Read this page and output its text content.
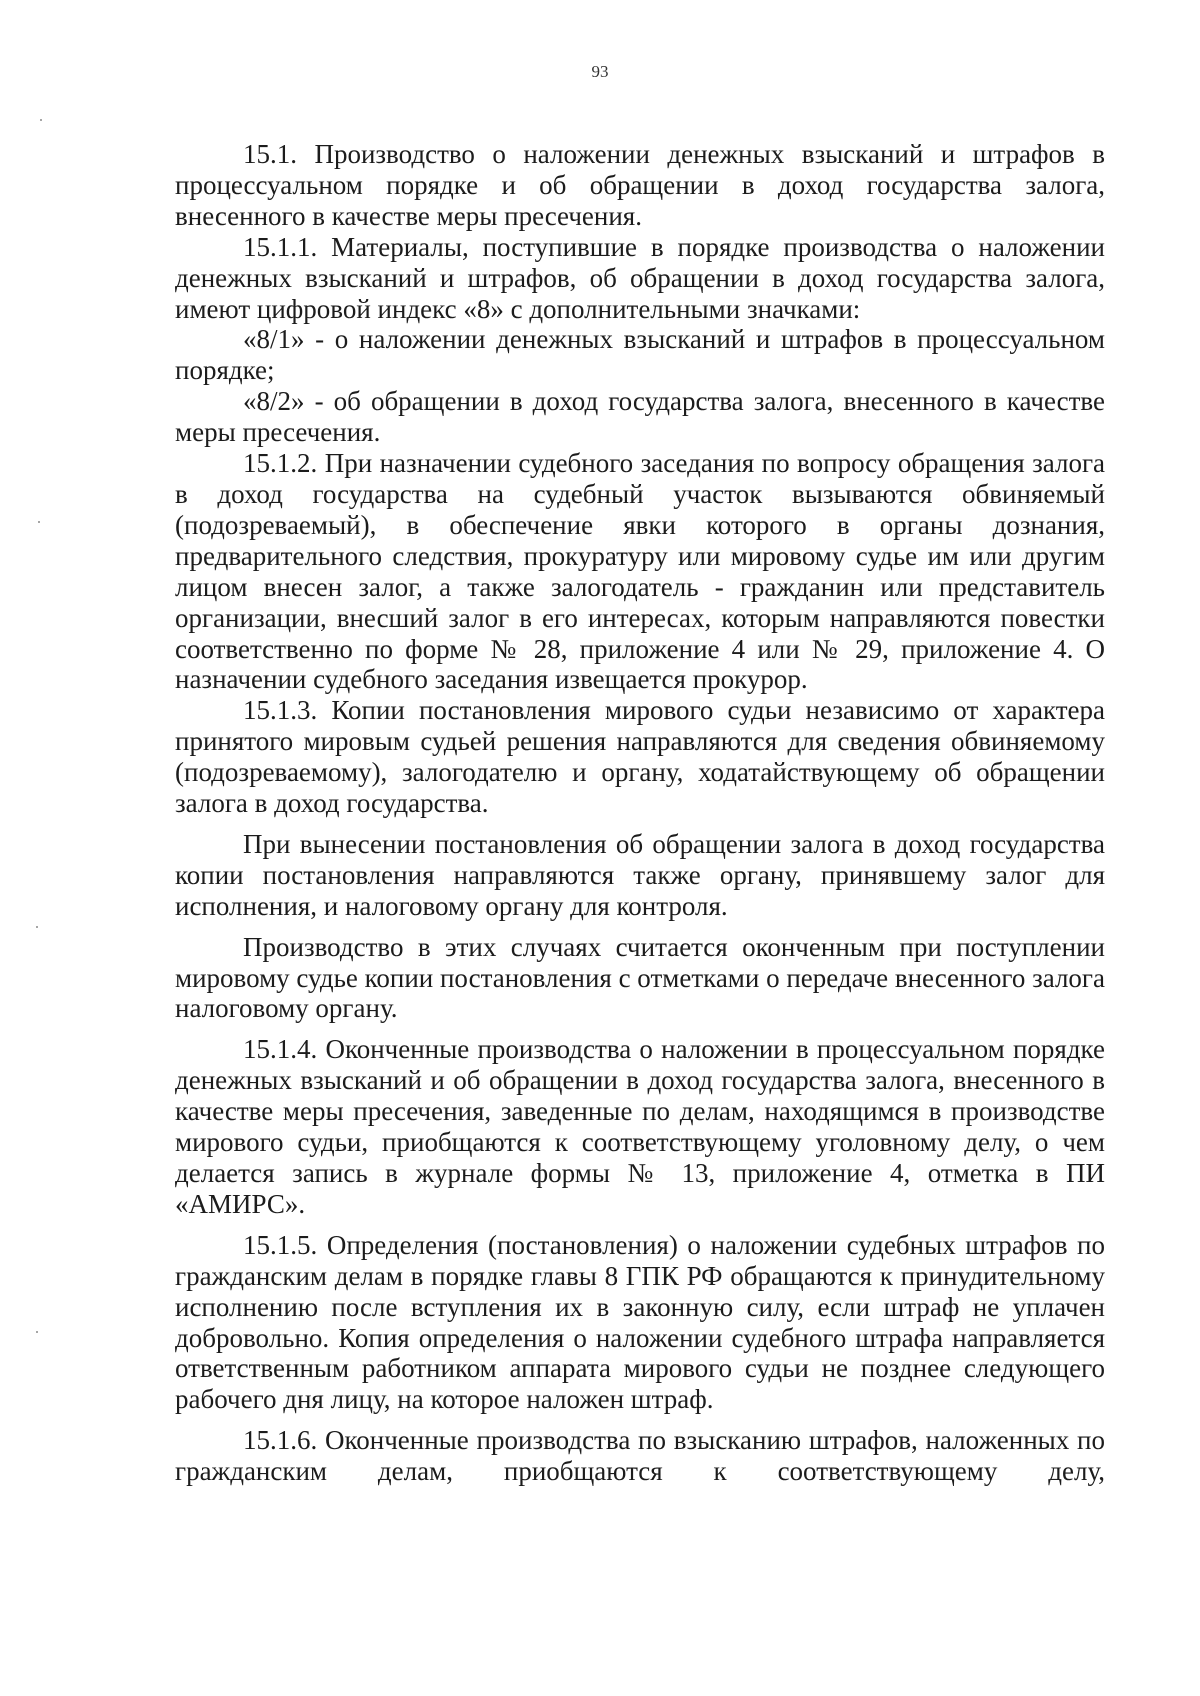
93

15.1. Производство о наложении денежных взысканий и штрафов в процессуальном порядке и об обращении в доход государства залога, внесенного в качестве меры пресечения.

15.1.1. Материалы, поступившие в порядке производства о наложении денежных взысканий и штрафов, об обращении в доход государства залога, имеют цифровой индекс «8» с дополнительными значками:

«8/1» - о наложении денежных взысканий и штрафов в процессуальном порядке;

«8/2» - об обращении в доход государства залога, внесенного в качестве меры пресечения.

15.1.2. При назначении судебного заседания по вопросу обращения залога в доход государства на судебный участок вызываются обвиняемый (подозреваемый), в обеспечение явки которого в органы дознания, предварительного следствия, прокуратуру или мировому судье им или другим лицом внесен залог, а также залогодатель - гражданин или представитель организации, внесший залог в его интересах, которым направляются повестки соответственно по форме № 28, приложение 4 или № 29, приложение 4. О назначении судебного заседания извещается прокурор.

15.1.3. Копии постановления мирового судьи независимо от характера принятого мировым судьей решения направляются для сведения обвиняемому (подозреваемому), залогодателю и органу, ходатайствующему об обращении залога в доход государства.

При вынесении постановления об обращении залога в доход государства копии постановления направляются также органу, принявшему залог для исполнения, и налоговому органу для контроля.

Производство в этих случаях считается оконченным при поступлении мировому судье копии постановления с отметками о передаче внесенного залога налоговому органу.

15.1.4. Оконченные производства о наложении в процессуальном порядке денежных взысканий и об обращении в доход государства залога, внесенного в качестве меры пресечения, заведенные по делам, находящимся в производстве мирового судьи, приобщаются к соответствующему уголовному делу, о чем делается запись в журнале формы № 13, приложение 4, отметка в ПИ «АМИРС».

15.1.5. Определения (постановления) о наложении судебных штрафов по гражданским делам в порядке главы 8 ГПК РФ обращаются к принудительному исполнению после вступления их в законную силу, если штраф не уплачен добровольно. Копия определения о наложении судебного штрафа направляется ответственным работником аппарата мирового судьи не позднее следующего рабочего дня лицу, на которое наложен штраф.

15.1.6. Оконченные производства по взысканию штрафов, наложенных по гражданским делам, приобщаются к соответствующему делу,
